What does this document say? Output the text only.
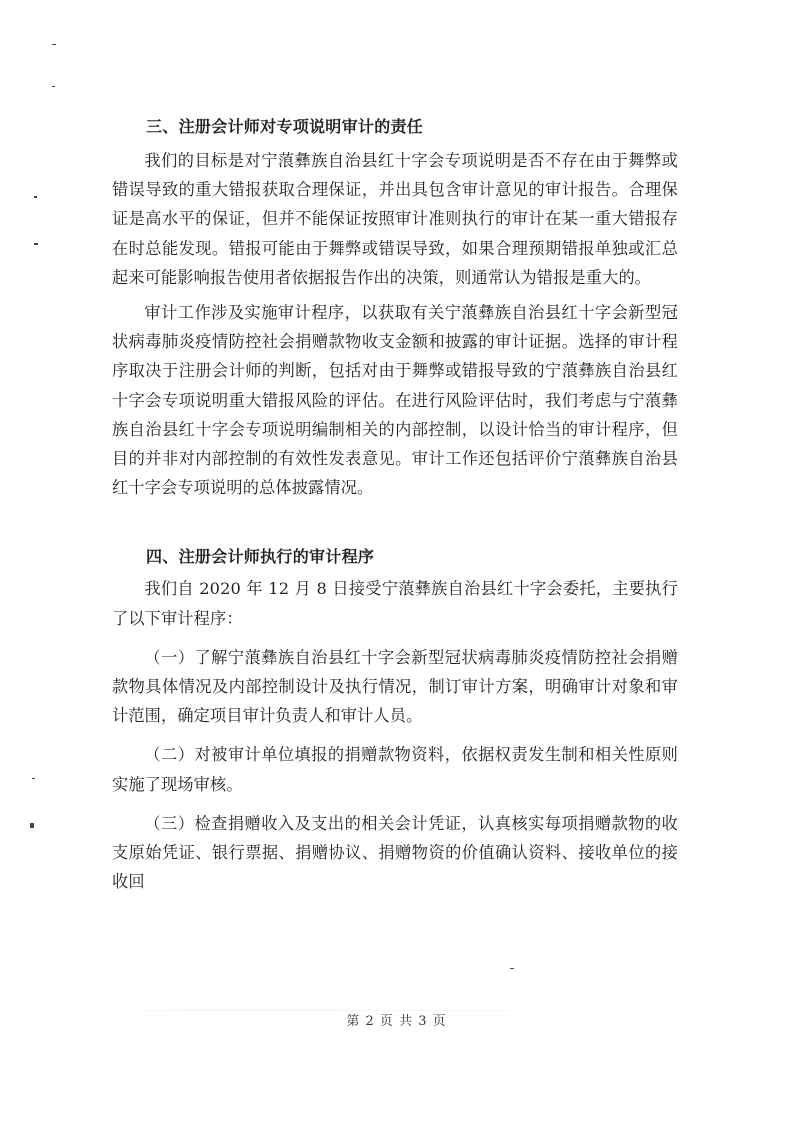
三、注册会计师对专项说明审计的责任

我们的目标是对宁蒗彝族自治县红十字会专项说明是否不存在由于舞弊或错误导致的重大错报获取合理保证，并出具包含审计意见的审计报告。合理保证是高水平的保证，但并不能保证按照审计准则执行的审计在某一重大错报存在时总能发现。错报可能由于舞弊或错误导致，如果合理预期错报单独或汇总起来可能影响报告使用者依据报告作出的决策，则通常认为错报是重大的。

审计工作涉及实施审计程序，以获取有关宁蒗彝族自治县红十字会新型冠状病毒肺炎疫情防控社会捐赠款物收支金额和披露的审计证据。选择的审计程序取决于注册会计师的判断，包括对由于舞弊或错报导致的宁蒗彝族自治县红十字会专项说明重大错报风险的评估。在进行风险评估时，我们考虑与宁蒗彝族自治县红十字会专项说明编制相关的内部控制，以设计恰当的审计程序，但目的并非对内部控制的有效性发表意见。审计工作还包括评价宁蒗彝族自治县红十字会专项说明的总体披露情况。

四、注册会计师执行的审计程序

我们自 2020 年 12 月 8 日接受宁蒗彝族自治县红十字会委托，主要执行了以下审计程序：

（一）了解宁蒗彝族自治县红十字会新型冠状病毒肺炎疫情防控社会捐赠款物具体情况及内部控制设计及执行情况，制订审计方案，明确审计对象和审计范围，确定项目审计负责人和审计人员。

（二）对被审计单位填报的捐赠款物资料，依据权责发生制和相关性原则实施了现场审核。

（三）检查捐赠收入及支出的相关会计凭证，认真核实每项捐赠款物的收支原始凭证、银行票据、捐赠协议、捐赠物资的价值确认资料、接收单位的接收回

第 2 页 共 3 页
